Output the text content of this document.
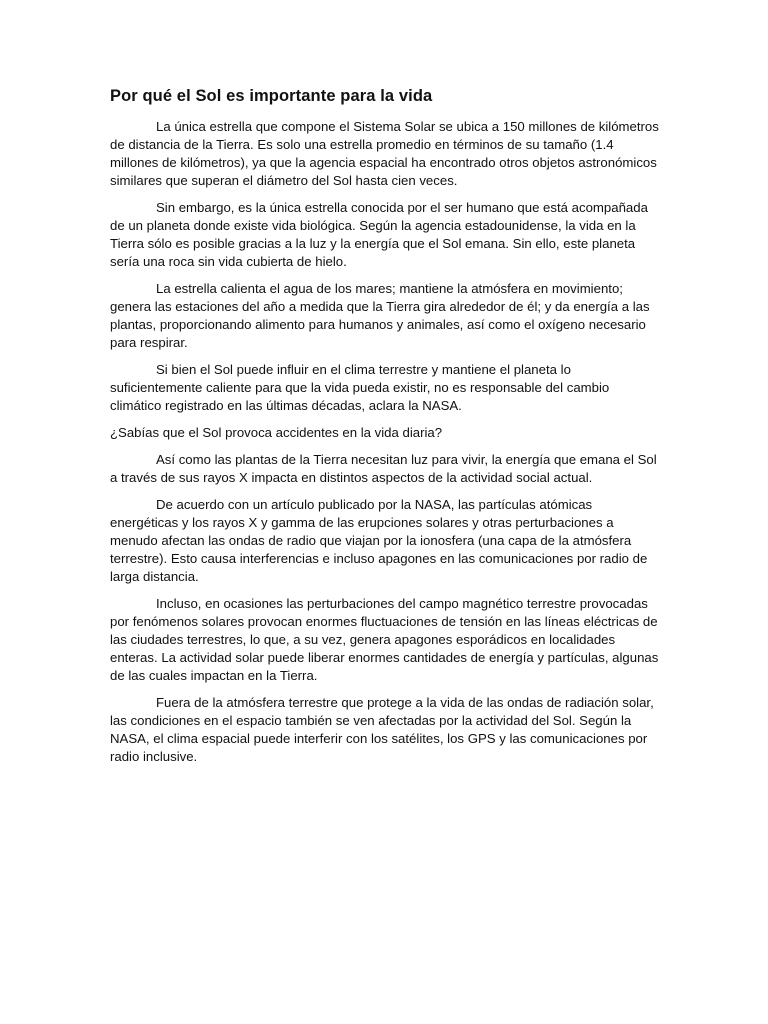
Por qué el Sol es importante para la vida

La única estrella que compone el Sistema Solar se ubica a 150 millones de kilómetros de distancia de la Tierra. Es solo una estrella promedio en términos de su tamaño (1.4 millones de kilómetros), ya que la agencia espacial ha encontrado otros objetos astronómicos similares que superan el diámetro del Sol hasta cien veces.

Sin embargo, es la única estrella conocida por el ser humano que está acompañada de un planeta donde existe vida biológica. Según la agencia estadounidense, la vida en la Tierra sólo es posible gracias a la luz y la energía que el Sol emana. Sin ello, este planeta sería una roca sin vida cubierta de hielo.

La estrella calienta el agua de los mares; mantiene la atmósfera en movimiento; genera las estaciones del año a medida que la Tierra gira alrededor de él; y da energía a las plantas, proporcionando alimento para humanos y animales, así como el oxígeno necesario para respirar.

Si bien el Sol puede influir en el clima terrestre y mantiene el planeta lo suficientemente caliente para que la vida pueda existir, no es responsable del cambio climático registrado en las últimas décadas, aclara la NASA.

¿Sabías que el Sol provoca accidentes en la vida diaria?

Así como las plantas de la Tierra necesitan luz para vivir, la energía que emana el Sol a través de sus rayos X impacta en distintos aspectos de la actividad social actual.

De acuerdo con un artículo publicado por la NASA, las partículas atómicas energéticas y los rayos X y gamma de las erupciones solares y otras perturbaciones a menudo afectan las ondas de radio que viajan por la ionosfera (una capa de la atmósfera terrestre). Esto causa interferencias e incluso apagones en las comunicaciones por radio de larga distancia.

Incluso, en ocasiones las perturbaciones del campo magnético terrestre provocadas por fenómenos solares provocan enormes fluctuaciones de tensión en las líneas eléctricas de las ciudades terrestres, lo que, a su vez, genera apagones esporádicos en localidades enteras. La actividad solar puede liberar enormes cantidades de energía y partículas, algunas de las cuales impactan en la Tierra.

Fuera de la atmósfera terrestre que protege a la vida de las ondas de radiación solar, las condiciones en el espacio también se ven afectadas por la actividad del Sol. Según la NASA, el clima espacial puede interferir con los satélites, los GPS y las comunicaciones por radio inclusive.
